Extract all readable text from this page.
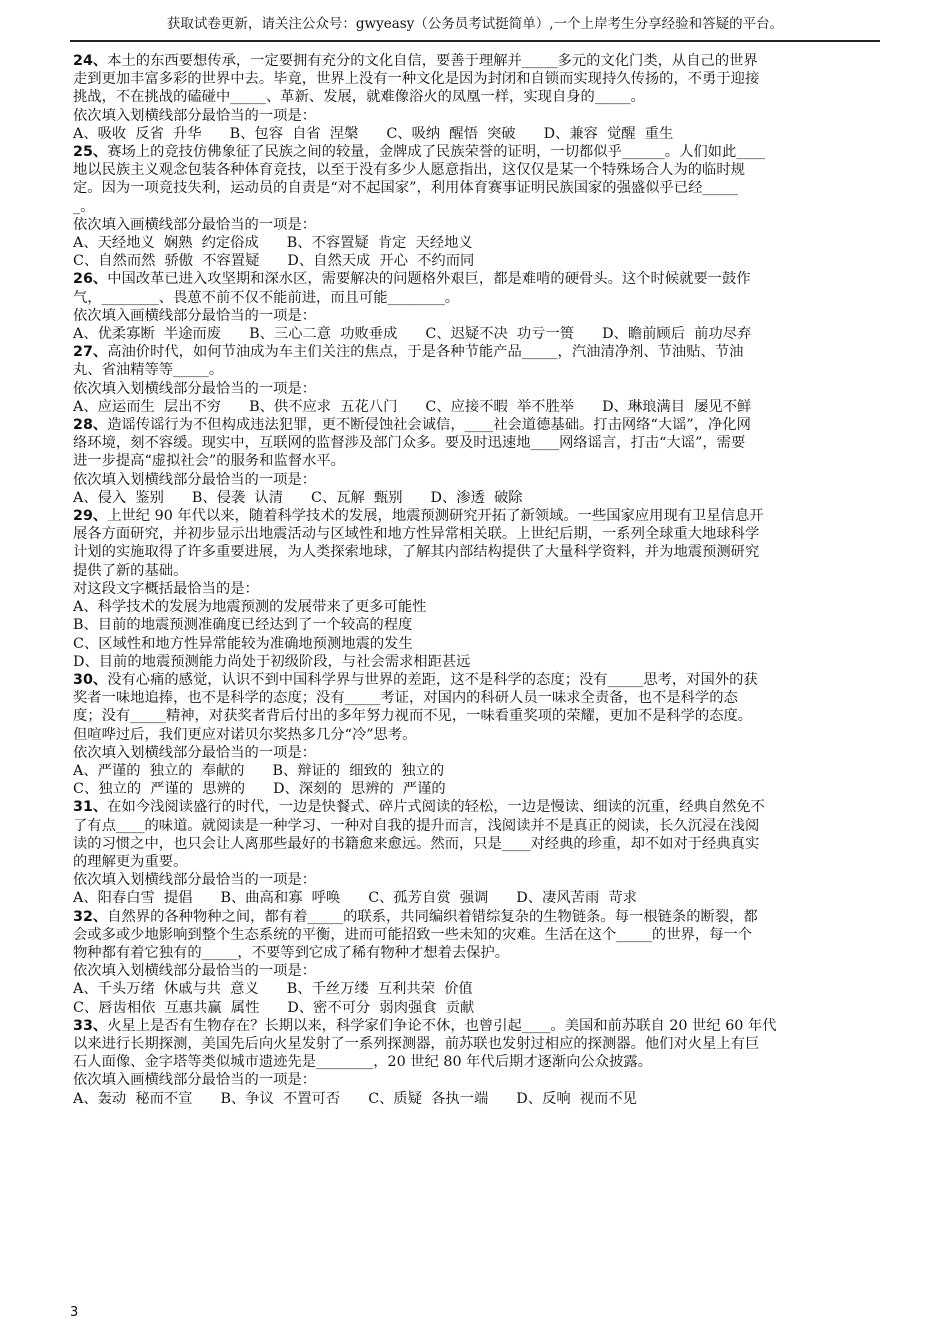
获取试卷更新，请关注公众号：gwyeasy（公务员考试挺简单）,一个上岸考生分享经验和答疑的平台。

24、本土的东西要想传承，一定要拥有充分的文化自信，要善于理解并_____多元的文化门类，从自己的世界

走到更加丰富多彩的世界中去。毕竟，世界上没有一种文化是因为封闭和自锁而实现持久传扬的，不勇于迎接

挑战，不在挑战的磕碰中_____、革新、发展，就难像浴火的凤凰一样，实现自身的_____。

依次填入划横线部分最恰当的一项是：

A、吸收  反省  升华 B、包容  自省  涅槃 C、吸纳  醒悟  突破 D、兼容  觉醒  重生

25、赛场上的竞技仿佛象征了民族之间的较量，金牌成了民族荣誉的证明，一切都似乎______。人们如此____

地以民族主义观念包装各种体育竞技，以至于没有多少人愿意指出，这仅仅是某一个特殊场合人为的临时规

定。因为一项竞技失利，运动员的自责是“对不起国家”，利用体育赛事证明民族国家的强盛似乎已经_____

_。

依次填入画横线部分最恰当的一项是：

A、天经地义  娴熟  约定俗成 B、不容置疑  肯定  天经地义
C、自然而然  骄傲  不容置疑 D、自然天成  开心  不约而同

26、中国改革已进入攻坚期和深水区，需要解决的问题格外艰巨，都是难啃的硬骨头。这个时候就要一鼓作

气，________、畏葸不前不仅不能前进，而且可能________。

依次填入画横线部分最恰当的一项是：

A、优柔寡断  半途而废 B、三心二意  功败垂成 C、迟疑不决  功亏一篑 D、瞻前顾后  前功尽弃

27、高油价时代，如何节油成为车主们关注的焦点，于是各种节能产品_____，汽油清净剂、节油贴、节油

丸、省油精等等_____。

依次填入划横线部分最恰当的一项是：

A、应运而生  层出不穷 B、供不应求  五花八门 C、应接不暇  举不胜举 D、琳琅满目  屡见不鲜

28、造谣传谣行为不但构成违法犯罪，更不断侵蚀社会诚信，____社会道德基础。打击网络“大谣”，净化网

络环境，刻不容缓。现实中，互联网的监督涉及部门众多。要及时迅速地____网络谣言，打击“大谣”，需要

进一步提高“虚拟社会”的服务和监督水平。

依次填入划横线部分最恰当的一项是：

A、侵入  鉴别 B、侵袭  认清 C、瓦解  甄别 D、渗透  破除

29、上世纪 90 年代以来，随着科学技术的发展，地震预测研究开拓了新领域。一些国家应用现有卫星信息开

展各方面研究，并初步显示出地震活动与区域性和地方性异常相关联。上世纪后期，一系列全球重大地球科学

计划的实施取得了许多重要进展，为人类探索地球，了解其内部结构提供了大量科学资料，并为地震预测研究

提供了新的基础。

对这段文字概括最恰当的是：

A、科学技术的发展为地震预测的发展带来了更多可能性

B、目前的地震预测准确度已经达到了一个较高的程度

C、区域性和地方性异常能较为准确地预测地震的发生

D、目前的地震预测能力尚处于初级阶段，与社会需求相距甚远

30、没有心痛的感觉，认识不到中国科学界与世界的差距，这不是科学的态度；没有_____思考，对国外的获

奖者一味地追捧，也不是科学的态度；没有_____考证，对国内的科研人员一味求全责备，也不是科学的态

度；没有_____精神，对获奖者背后付出的多年努力视而不见，一味看重奖项的荣耀，更加不是科学的态度。

但喧哗过后，我们更应对诺贝尔奖热多几分“冷”思考。

依次填入划横线部分最恰当的一项是：

A、严谨的  独立的  奉献的 B、辩证的  细致的  独立的
C、独立的  严谨的  思辨的 D、深刻的  思辨的  严谨的

31、在如今浅阅读盛行的时代，一边是快餐式、碎片式阅读的轻松，一边是慢读、细读的沉重，经典自然免不

了有点____的味道。就阅读是一种学习、一种对自我的提升而言，浅阅读并不是真正的阅读，长久沉浸在浅阅

读的习惯之中，也只会让人离那些最好的书籍愈来愈远。然而，只是____对经典的珍重，却不如对于经典真实

的理解更为重要。

依次填入划横线部分最恰当的一项是：

A、阳春白雪  提倡 B、曲高和寡  呼唤 C、孤芳自赏  强调 D、凄风苦雨  苛求

32、自然界的各种物种之间，都有着_____的联系，共同编织着错综复杂的生物链条。每一根链条的断裂，都

会或多或少地影响到整个生态系统的平衡，进而可能招致一些未知的灾难。生活在这个_____的世界，每一个

物种都有着它独有的_____，不要等到它成了稀有物种才想着去保护。

依次填入划横线部分最恰当的一项是：

A、千头万绪  休戚与共  意义 B、千丝万缕  互利共荣  价值
C、唇齿相依  互惠共赢  属性 D、密不可分  弱肉强食  贡献

33、火星上是否有生物存在？长期以来，科学家们争论不休，也曾引起____。美国和前苏联自 20 世纪 60 年代

以来进行长期探测，美国先后向火星发射了一系列探测器，前苏联也发射过相应的探测器。他们对火星上有巨

石人面像、金字塔等类似城市遗迹先是________，20 世纪 80 年代后期才逐渐向公众披露。

依次填入画横线部分最恰当的一项是：

A、轰动  秘而不宣 B、争议  不置可否 C、质疑  各执一端 D、反响  视而不见
3
